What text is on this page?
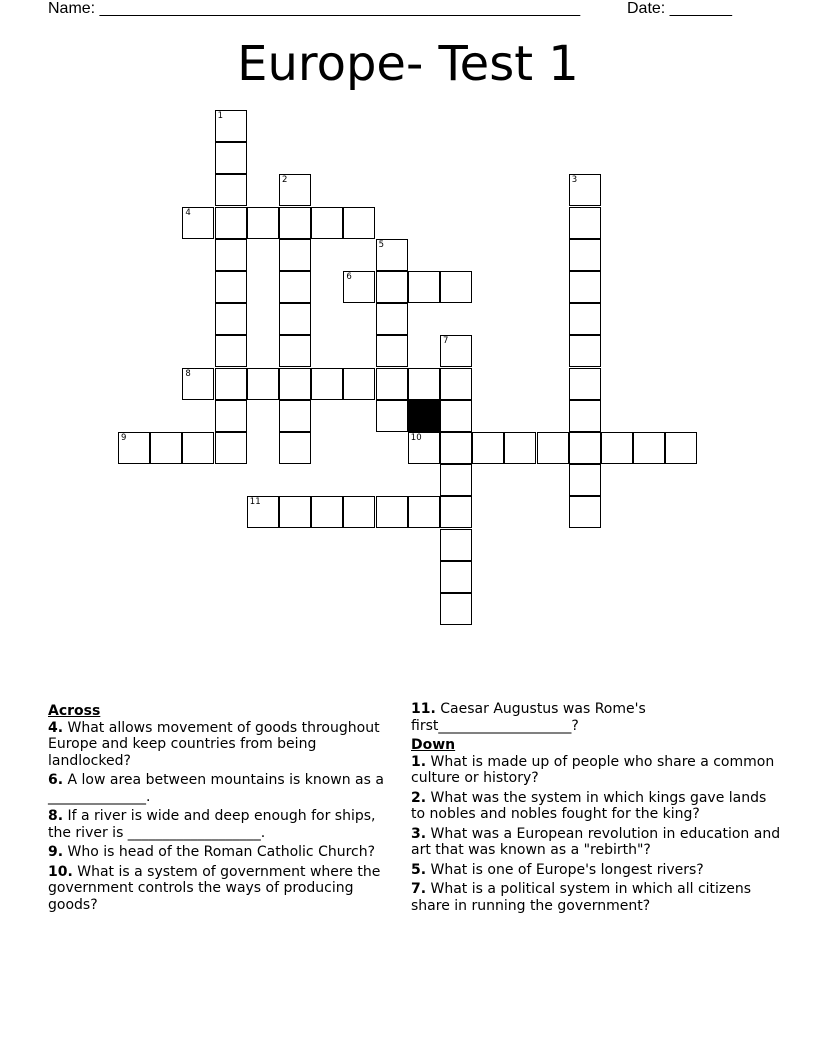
Name: ______________________________________________________	Date: _______
Europe- Test 1
1
2	3
5
7
4
6
8
9	10
11
Across
4. What allows movement of goods throughout Europe and keep countries from being landlocked?
6. A low area between mountains is known as a ______________.
8. If a river is wide and deep enough for ships, the river is ___________________.
9. Who is head of the Roman Catholic Church?
10. What is a system of government where the government controls the ways of producing goods?
11. Caesar Augustus was Rome's first___________________?
Down
1. What is made up of people who share a common culture or history?
2. What was the system in which kings gave lands to nobles and nobles fought for the king?
3. What was a European revolution in education and art that was known as a "rebirth"?
5. What is one of Europe's longest rivers?
7. What is a political system in which all citizens share in running the government?
